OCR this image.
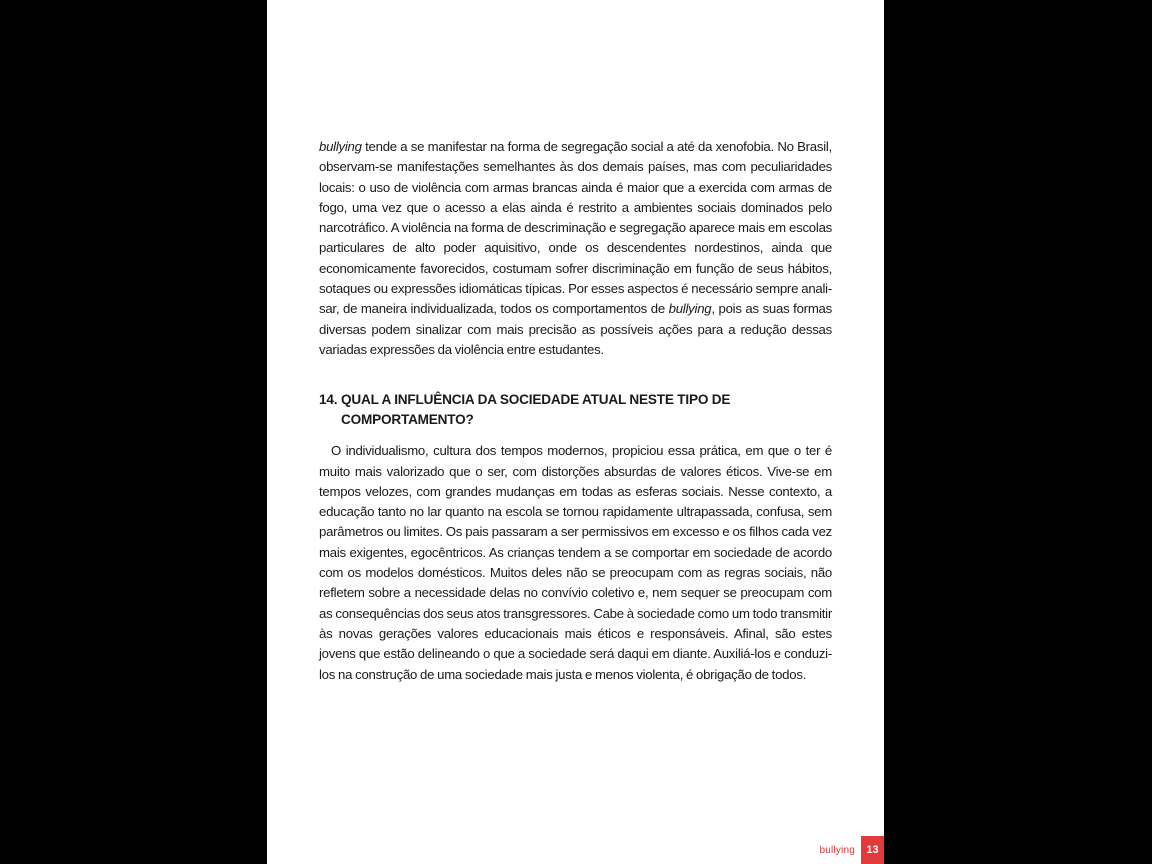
bullying tende a se manifestar na forma de segregação social a até da xenofobia. No Brasil, observam-se manifestações semelhantes às dos demais países, mas com peculiaridades locais: o uso de violência com armas brancas ainda é maior que a exercida com armas de fogo, uma vez que o acesso a elas ainda é restrito a ambientes sociais dominados pelo narcotráfico. A violência na forma de descriminação e segregação aparece mais em escolas particulares de alto poder aquisitivo, onde os descendentes nordestinos, ainda que economicamente favorecidos, costumam sofrer discriminação em função de seus hábitos, sotaques ou expressões idiomáticas típicas. Por esses aspectos é necessário sempre anali-sar, de maneira individualizada, todos os comportamentos de bullying, pois as suas formas diversas podem sinalizar com mais precisão as possíveis ações para a redução dessas variadas expressões da violência entre estudantes.

14. QUAL A INFLUÊNCIA DA SOCIEDADE ATUAL NESTE TIPO DE
COMPORTAMENTO?

O individualismo, cultura dos tempos modernos, propiciou essa prática, em que o ter é muito mais valorizado que o ser, com distorções absurdas de valores éticos. Vive-se em tempos velozes, com grandes mudanças em todas as esferas sociais. Nesse contexto, a educação tanto no lar quanto na escola se tornou rapidamente ultrapassada, confusa, sem parâmetros ou limites. Os pais passaram a ser permissivos em excesso e os filhos cada vez mais exigentes, egocêntricos. As crianças tendem a se comportar em sociedade de acordo com os modelos domésticos. Muitos deles não se preocupam com as regras sociais, não refletem sobre a necessidade delas no convívio coletivo e, nem sequer se preocupam com as consequências dos seus atos transgressores. Cabe à sociedade como um todo transmitir às novas gerações valores educacionais mais éticos e responsáveis. Afinal, são estes jovens que estão delineando o que a sociedade será daqui em diante. Auxiliá-los e conduzi-los na construção de uma sociedade mais justa e menos violenta, é obrigação de todos.

bullying	13
